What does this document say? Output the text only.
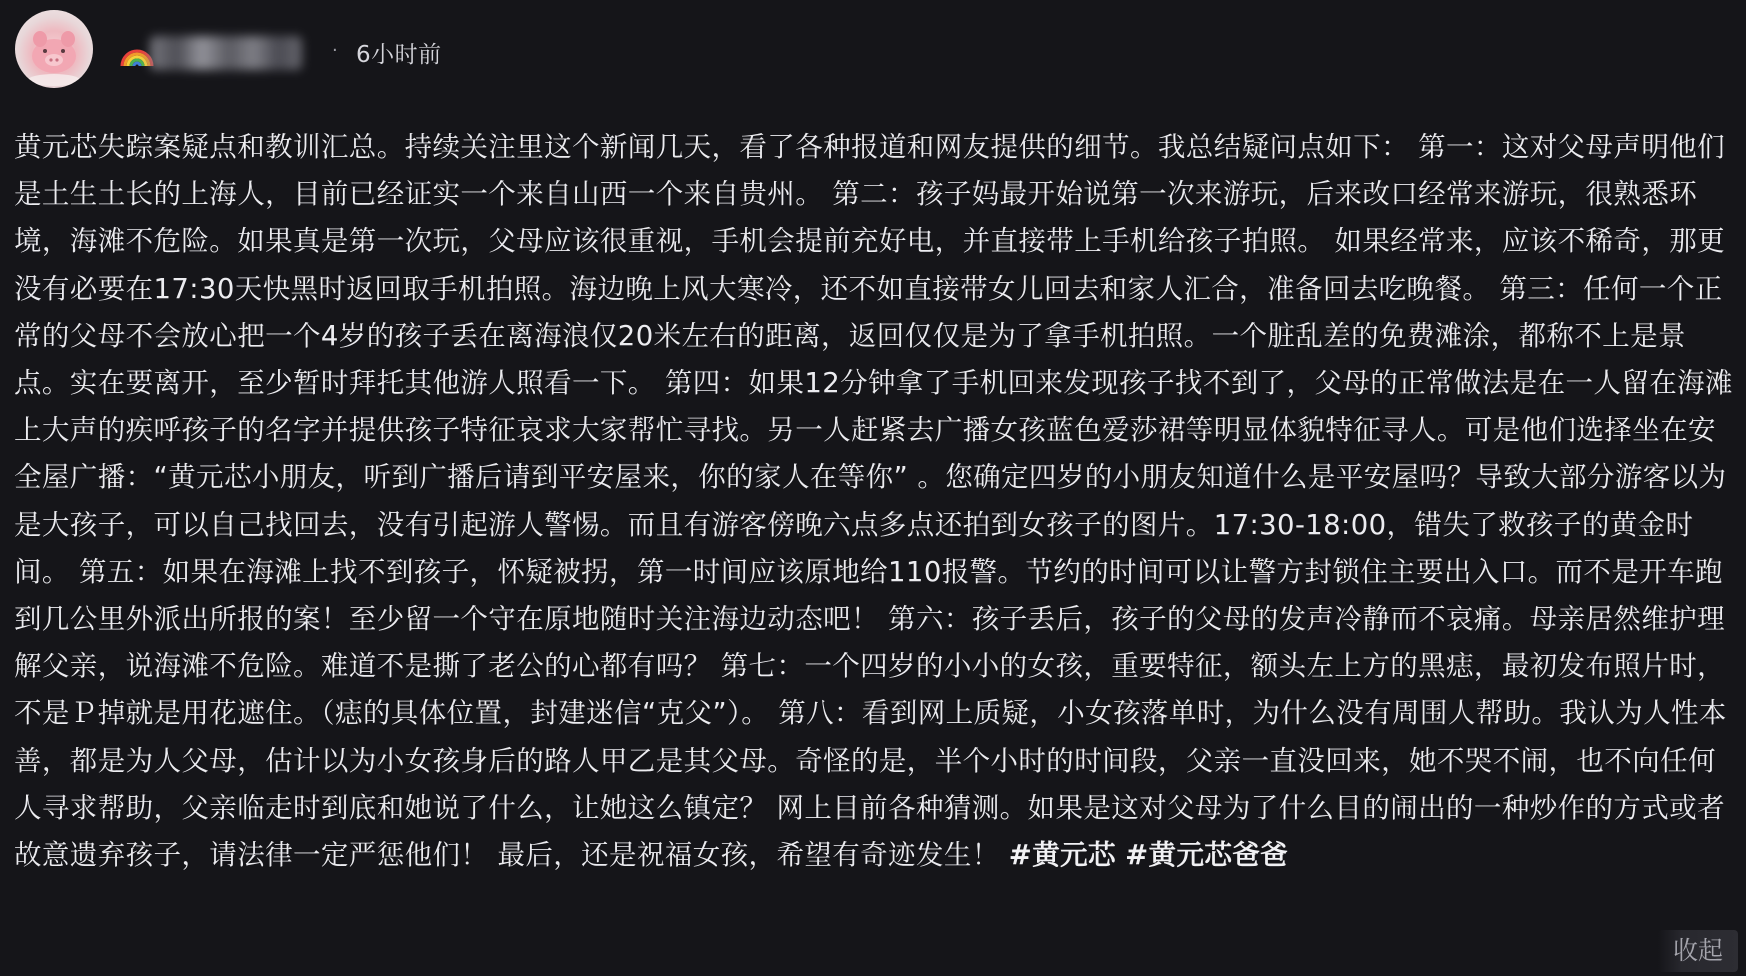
· 6小时前
黄元芯失踪案疑点和教训汇总。持续关注里这个新闻几天，看了各种报道和网友提供的细节。我总结疑问点如下： 第一：这对父母声明他们是土生土长的上海人，目前已经证实一个来自山西一个来自贵州。 第二：孩子妈最开始说第一次来游玩，后来改口经常来游玩，很熟悉环境，海滩不危险。如果真是第一次玩，父母应该很重视，手机会提前充好电，并直接带上手机给孩子拍照。 如果经常来，应该不稀奇，那更没有必要在17:30天快黑时返回取手机拍照。海边晚上风大寒冷，还不如直接带女儿回去和家人汇合，准备回去吃晚餐。 第三：任何一个正常的父母不会放心把一个4岁的孩子丢在离海浪仅20米左右的距离，返回仅仅是为了拿手机拍照。一个脏乱差的免费滩涂，都称不上是景点。实在要离开，至少暂时拜托其他游人照看一下。 第四：如果12分钟拿了手机回来发现孩子找不到了，父母的正常做法是在一人留在海滩上大声的疾呼孩子的名字并提供孩子特征哀求大家帮忙寻找。另一人赶紧去广播女孩蓝色爱莎裙等明显体貌特征寻人。可是他们选择坐在安全屋广播：“黄元芯小朋友，听到广播后请到平安屋来，你的家人在等你” 。您确定四岁的小朋友知道什么是平安屋吗？导致大部分游客以为是大孩子，可以自己找回去，没有引起游人警惕。而且有游客傍晚六点多点还拍到女孩子的图片。17:30-18:00，错失了救孩子的黄金时间。 第五：如果在海滩上找不到孩子，怀疑被拐，第一时间应该原地给110报警。节约的时间可以让警方封锁住主要出入口。而不是开车跑到几公里外派出所报的案！至少留一个守在原地随时关注海边动态吧！ 第六：孩子丢后，孩子的父母的发声冷静而不哀痛。母亲居然维护理解父亲，说海滩不危险。难道不是撕了老公的心都有吗？ 第七：一个四岁的小小的女孩，重要特征，额头左上方的黑痣，最初发布照片时，不是Ｐ掉就是用花遮住。（痣的具体位置，封建迷信“克父”）。 第八：看到网上质疑，小女孩落单时，为什么没有周围人帮助。我认为人性本善，都是为人父母，估计以为小女孩身后的路人甲乙是其父母。奇怪的是，半个小时的时间段，父亲一直没回来，她不哭不闹，也不向任何人寻求帮助，父亲临走时到底和她说了什么，让她这么镇定？ 网上目前各种猜测。如果是这对父母为了什么目的闹出的一种炒作的方式或者故意遗弃孩子，请法律一定严惩他们！ 最后，还是祝福女孩，希望有奇迹发生！ #黄元芯 #黄元芯爸爸
收起
